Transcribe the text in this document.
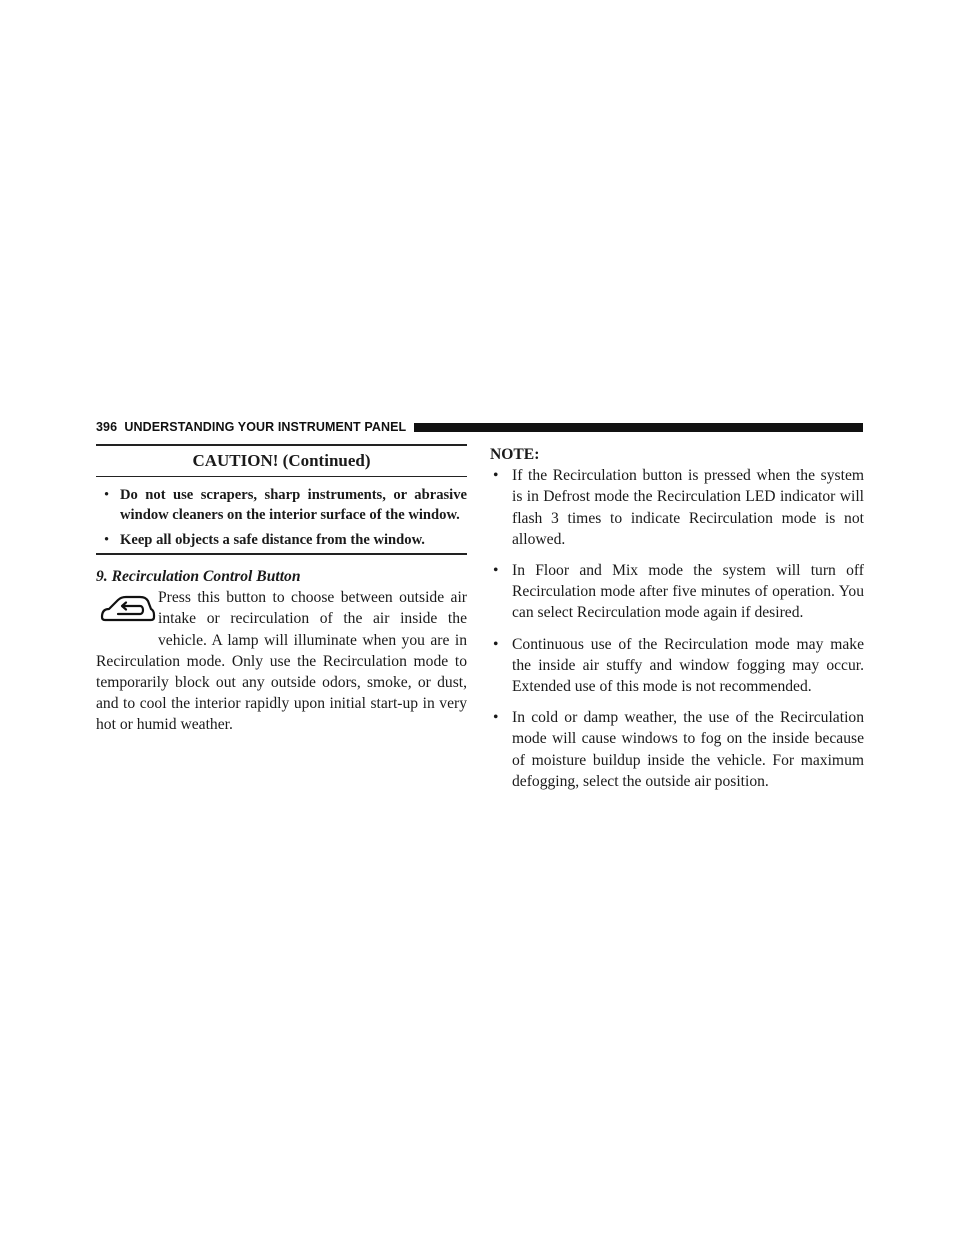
396 UNDERSTANDING YOUR INSTRUMENT PANEL
CAUTION! (Continued)
• Do not use scrapers, sharp instruments, or abrasive window cleaners on the interior surface of the window.
• Keep all objects a safe distance from the window.
9. Recirculation Control Button
Press this button to choose between outside air intake or recirculation of the air inside the vehicle. A lamp will illuminate when you are in Recirculation mode. Only use the Recirculation mode to temporarily block out any outside odors, smoke, or dust, and to cool the interior rapidly upon initial start-up in very hot or humid weather.
NOTE:
• If the Recirculation button is pressed when the system is in Defrost mode the Recirculation LED indicator will flash 3 times to indicate Recirculation mode is not allowed.
• In Floor and Mix mode the system will turn off Recirculation mode after five minutes of operation. You can select Recirculation mode again if desired.
• Continuous use of the Recirculation mode may make the inside air stuffy and window fogging may occur. Extended use of this mode is not recommended.
• In cold or damp weather, the use of the Recirculation mode will cause windows to fog on the inside because of moisture buildup inside the vehicle. For maximum defogging, select the outside air position.
